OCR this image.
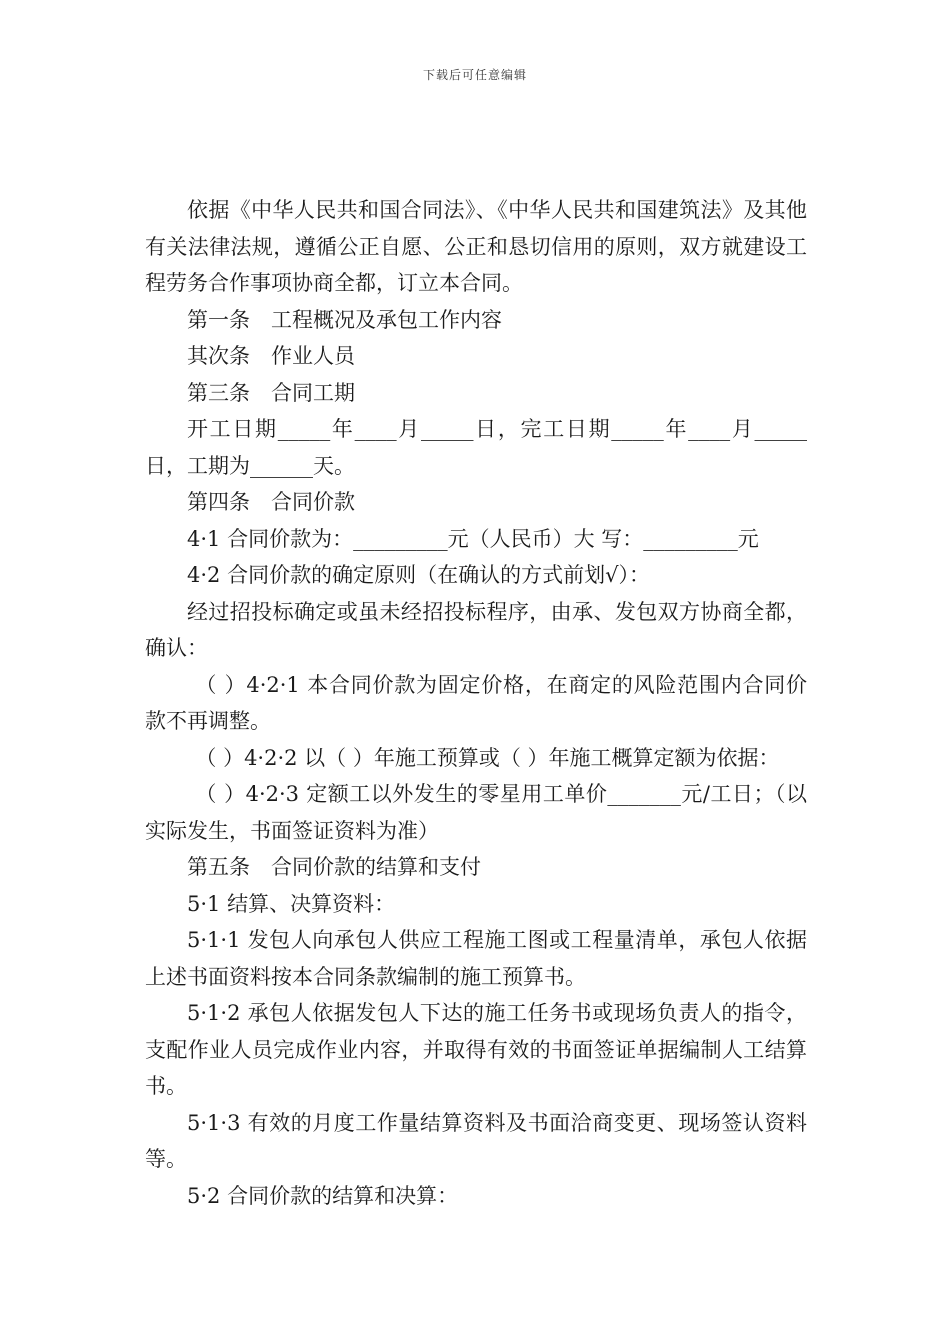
下载后可任意编辑

依据《中华人民共和国合同法》、《中华人民共和国建筑法》及其他有关法律法规，遵循公正自愿、公正和恳切信用的原则，双方就建设工程劳务合作事项协商全都，订立本合同。

第一条　工程概况及承包工作内容

其次条　作业人员

第三条　合同工期

开工日期_____年____月_____日，完工日期_____年____月_____日，工期为______天。

第四条　合同价款

4·1 合同价款为：_________元（人民币）大 写：_________元

4·2 合同价款的确定原则（在确认的方式前划√）：

经过招投标确定或虽未经招投标程序，由承、发包双方协商全都，确认：

（ ）4·2·1 本合同价款为固定价格，在商定的风险范围内合同价款不再调整。

（ ）4·2·2 以（ ）年施工预算或（ ）年施工概算定额为依据：

（ ）4·2·3 定额工以外发生的零星用工单价_______元/工日；（以实际发生，书面签证资料为准）

第五条　合同价款的结算和支付

5·1 结算、决算资料：

5·1·1 发包人向承包人供应工程施工图或工程量清单，承包人依据上述书面资料按本合同条款编制的施工预算书。

5·1·2 承包人依据发包人下达的施工任务书或现场负责人的指令，支配作业人员完成作业内容，并取得有效的书面签证单据编制人工结算书。

5·1·3 有效的月度工作量结算资料及书面洽商变更、现场签认资料等。

5·2 合同价款的结算和决算：
